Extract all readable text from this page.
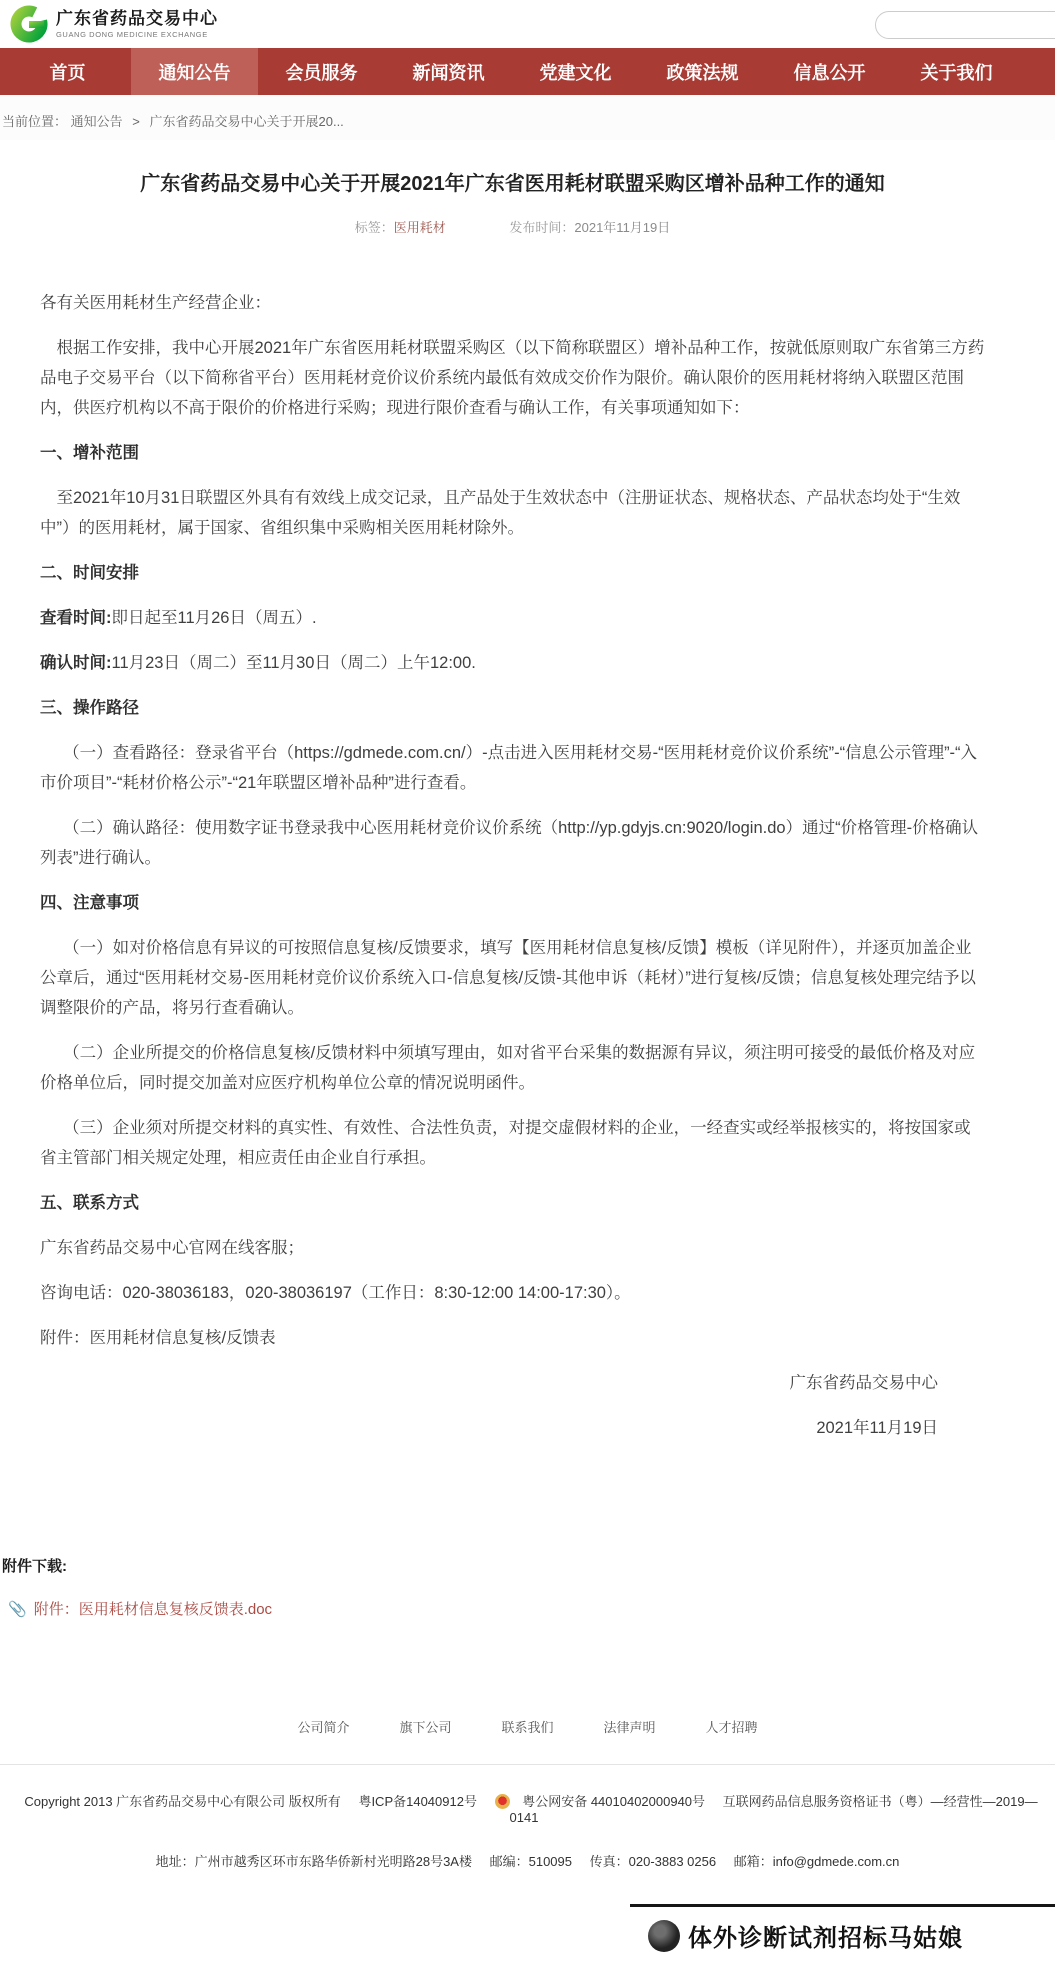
广东省药品交易中心
GUANG DONG MEDICINE EXCHANGE
首页	通知公告	会员服务	新闻资讯	党建文化	政策法规	信息公开	关于我们
当前位置： 通知公告 > 广东省药品交易中心关于开展20...
广东省药品交易中心关于开展2021年广东省医用耗材联盟采购区增补品种工作的通知
标签：医用耗材	发布时间：2021年11月19日

各有关医用耗材生产经营企业：

根据工作安排，我中心开展2021年广东省医用耗材联盟采购区（以下简称联盟区）增补品种工作，按就低原则取广东省第三方药品电子交易平台（以下简称省平台）医用耗材竞价议价系统内最低有效成交价作为限价。确认限价的医用耗材将纳入联盟区范围内，供医疗机构以不高于限价的价格进行采购；现进行限价查看与确认工作，有关事项通知如下：

一、增补范围

至2021年10月31日联盟区外具有有效线上成交记录，且产品处于生效状态中（注册证状态、规格状态、产品状态均处于“生效中”）的医用耗材，属于国家、省组织集中采购相关医用耗材除外。

二、时间安排

查看时间:即日起至11月26日（周五）.

确认时间:11月23日（周二）至11月30日（周二）上午12:00.

三、操作路径

（一）查看路径：登录省平台（https://gdmede.com.cn/）-点击进入医用耗材交易-“医用耗材竞价议价系统”-“信息公示管理”-“入市价项目”-“耗材价格公示”-“21年联盟区增补品种”进行查看。

（二）确认路径：使用数字证书登录我中心医用耗材竞价议价系统（http://yp.gdyjs.cn:9020/login.do）通过“价格管理-价格确认列表”进行确认。

四、注意事项

（一）如对价格信息有异议的可按照信息复核/反馈要求，填写【医用耗材信息复核/反馈】模板（详见附件），并逐页加盖企业公章后，通过“医用耗材交易-医用耗材竞价议价系统入口-信息复核/反馈-其他申诉（耗材）”进行复核/反馈；信息复核处理完结予以调整限价的产品，将另行查看确认。

（二）企业所提交的价格信息复核/反馈材料中须填写理由，如对省平台采集的数据源有异议，须注明可接受的最低价格及对应价格单位后，同时提交加盖对应医疗机构单位公章的情况说明函件。

（三）企业须对所提交材料的真实性、有效性、合法性负责，对提交虚假材料的企业，一经查实或经举报核实的，将按国家或省主管部门相关规定处理，相应责任由企业自行承担。

五、联系方式

广东省药品交易中心官网在线客服；

咨询电话：020-38036183，020-38036197（工作日：8:30-12:00 14:00-17:30）。

附件：医用耗材信息复核/反馈表

广东省药品交易中心

2021年11月19日

附件下载:
📎 附件：医用耗材信息复核反馈表.doc
公司简介	旗下公司	联系我们	法律声明	人才招聘
Copyright 2013 广东省药品交易中心有限公司 版权所有 粤ICP备14040912号	粤公网安备 44010402000940号 互联网药品信息服务资格证书（粤）—经营性—2019—0141
地址：广州市越秀区环市东路华侨新村光明路28号3A楼 邮编：510095 传真：020-3883 0256 邮箱：info@gdmede.com.cn
体外诊断试剂招标马姑娘
